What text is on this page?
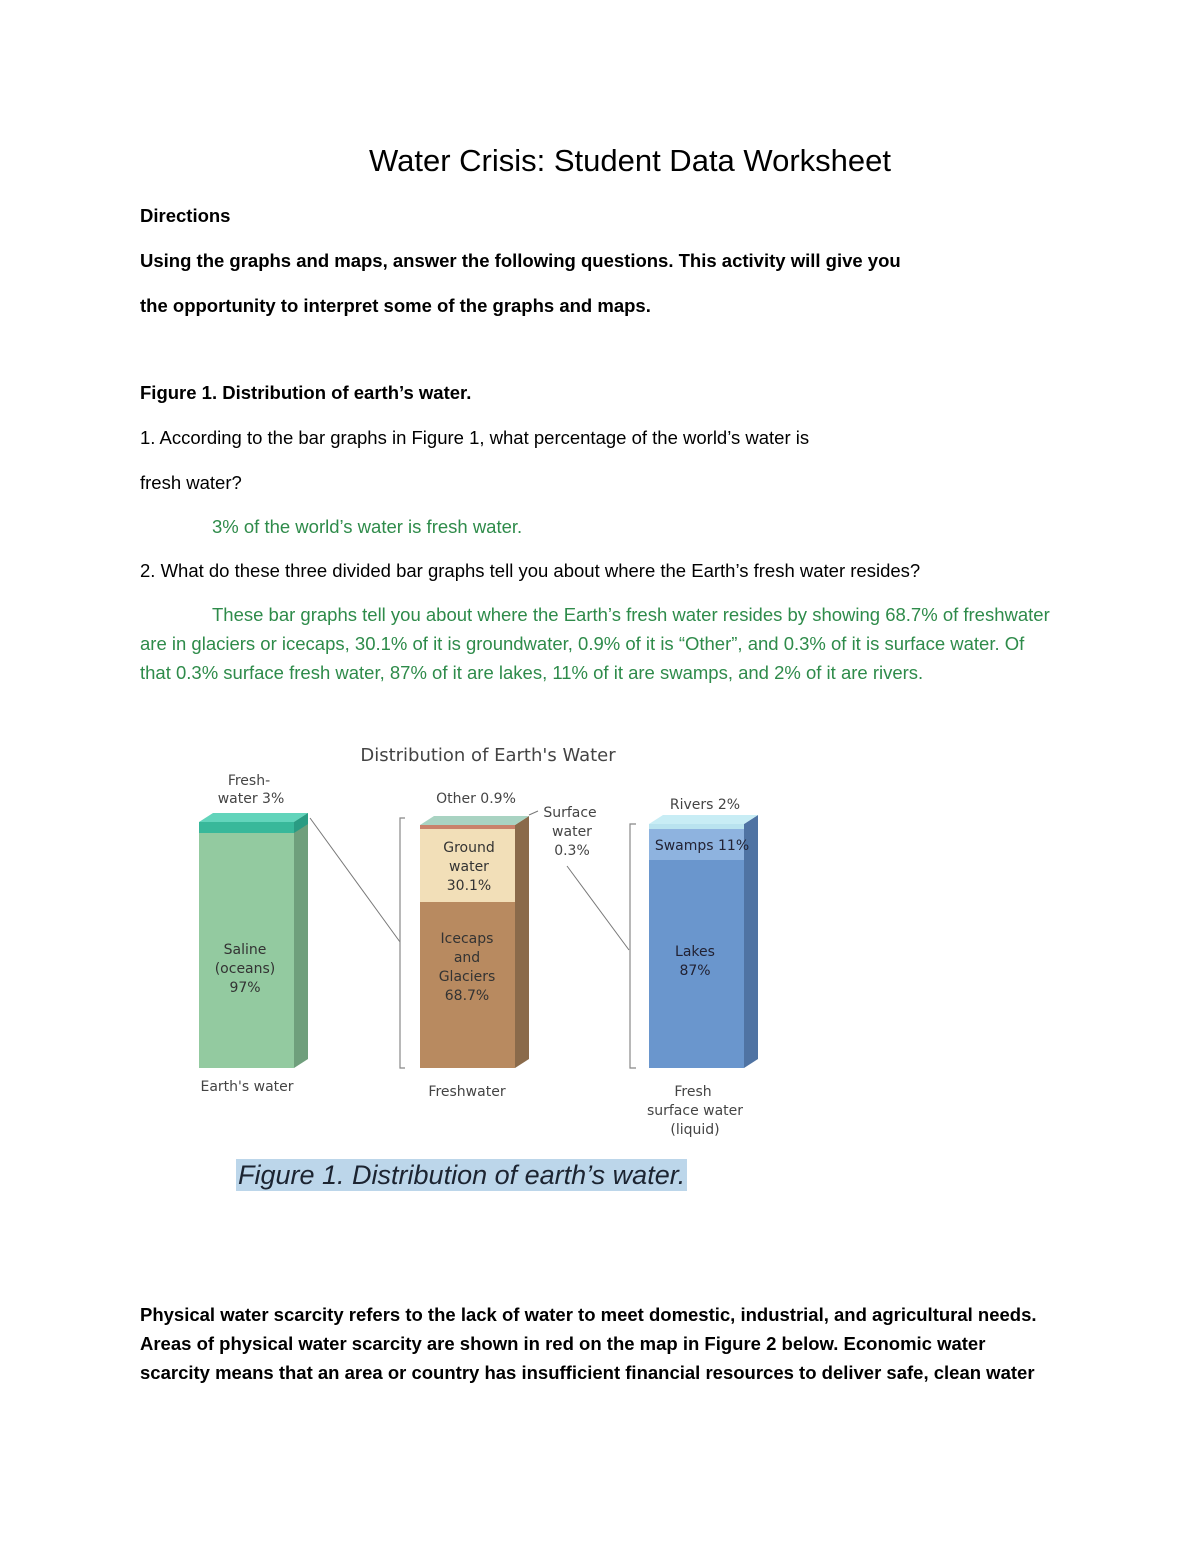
Water Crisis: Student Data Worksheet
Directions
Using the graphs and maps, answer the following questions. This activity will give you
the opportunity to interpret some of the graphs and maps.
Figure 1. Distribution of earth’s water.
1. According to the bar graphs in Figure 1, what percentage of the world’s water is
fresh water?
3% of the world’s water is fresh water.
2. What do these three divided bar graphs tell you about where the Earth’s fresh water resides?
These bar graphs tell you about where the Earth’s fresh water resides by showing 68.7% of freshwater are in glaciers or icecaps, 30.1% of it is groundwater, 0.9% of it is “Other”, and 0.3% of it is surface water. Of that 0.3% surface fresh water, 87% of it are lakes, 11% of it are swamps, and 2% of it are rivers.
Distribution of Earth's Water
Fresh-
water 3%
Saline
(oceans)
97%
Earth's water
Other 0.9%
Surface
water
0.3%
Ground
water
30.1%
Icecaps
and
Glaciers
68.7%
Freshwater
Rivers 2%
Swamps 11%
Lakes
87%
Fresh
surface water
(liquid)
Figure 1. Distribution of earth’s water.
Physical water scarcity refers to the lack of water to meet domestic, industrial, and agricultural needs. Areas of physical water scarcity are shown in red on the map in Figure 2 below. Economic water scarcity means that an area or country has insufficient financial resources to deliver safe, clean water
